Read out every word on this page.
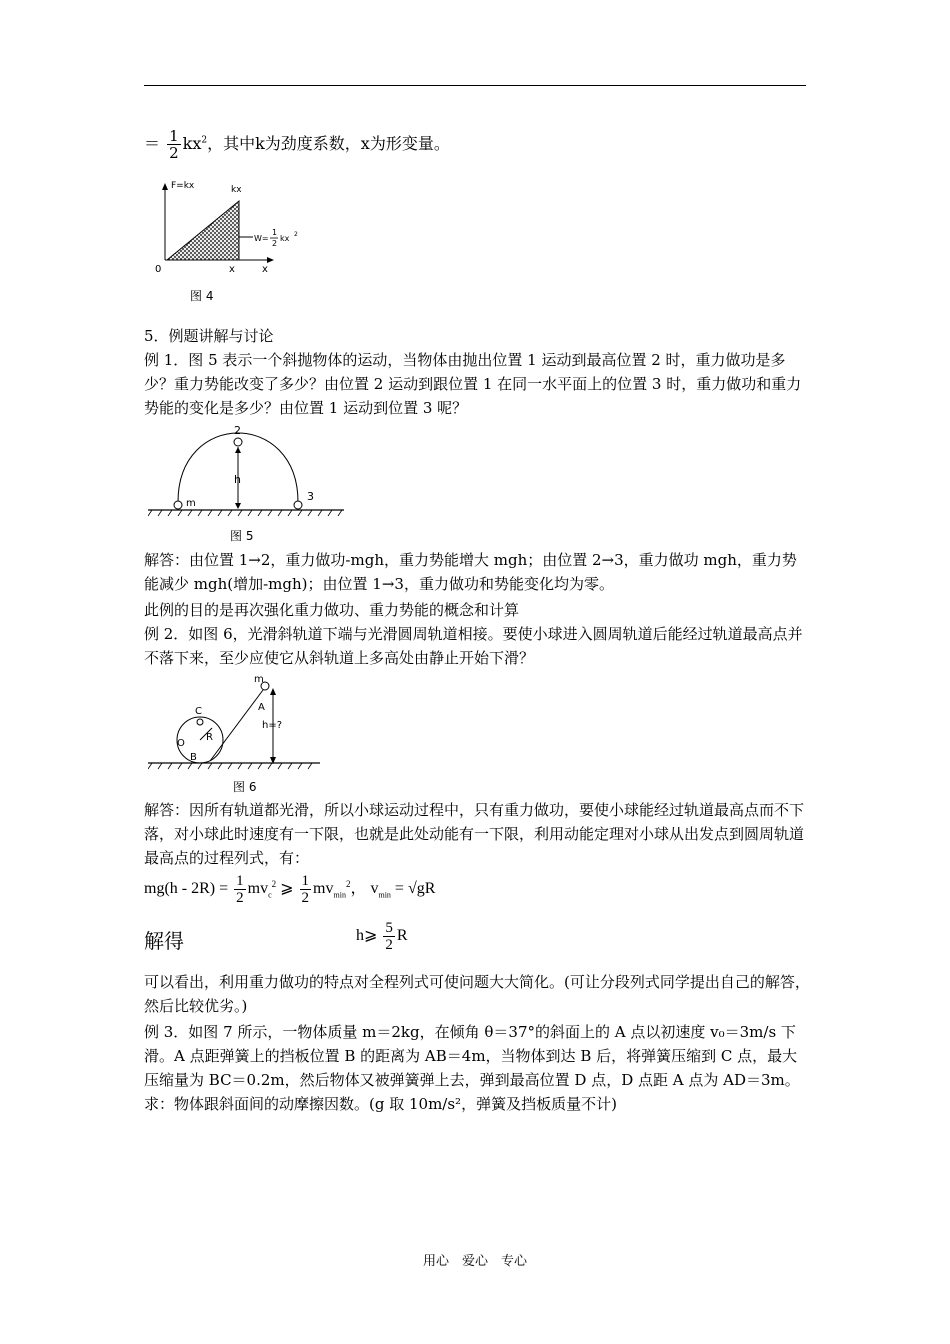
＝ $\frac{1}{2} kx^2$，其中k为劲度系数，x为形变量。
F=kx	kx
0	x	x
W=
1
2
kx 2
图 4

5．例题讲解与讨论

例 1．图 5 表示一个斜抛物体的运动，当物体由抛出位置 1 运动到最高位置 2 时，重力做功是多少？重力势能改变了多少？由位置 2 运动到跟位置 1 在同一水平面上的位置 3 时，重力做功和重力势能的变化是多少？由位置 1 运动到位置 3 呢？

2
h
m
3
图 5

解答：由位置 1→2，重力做功-mgh，重力势能增大 mgh；由位置 2→3，重力做功 mgh，重力势能减少 mgh(增加-mgh)；由位置 1→3，重力做功和势能变化均为零。

此例的目的是再次强化重力做功、重力势能的概念和计算

例 2．如图 6，光滑斜轨道下端与光滑圆周轨道相接。要使小球进入圆周轨道后能经过轨道最高点并不落下来，至少应使它从斜轨道上多高处由静止开始下滑？

m
A
h=?
C
O
R
B
图 6

解答：因所有轨道都光滑，所以小球运动过程中，只有重力做功，要使小球能经过轨道最高点而不下落，对小球此时速度有一下限，也就是此处动能有一下限，利用动能定理对小球从出发点到圆周轨道最高点的过程列式，有：

$mg(h - 2R) = \frac{1}{2} mv_c^2$ ⩾ $\frac{1}{2} mv_{min}^2$， $v_{min} = √gR$
解得	h⩾ $\frac{5}{2}$ R

可以看出，利用重力做功的特点对全程列式可使问题大大简化。(可让分段列式同学提出自己的解答，然后比较优劣。)

例 3．如图 7 所示，一物体质量 m＝2kg，在倾角 θ＝37°的斜面上的 A 点以初速度 v₀＝3m/s 下滑。A 点距弹簧上的挡板位置 B 的距离为 AB＝4m，当物体到达 B 后，将弹簧压缩到 C 点，最大压缩量为 BC＝0.2m，然后物体又被弹簧弹上去，弹到最高位置 D 点，D 点距 A 点为 AD＝3m。求：物体跟斜面间的动摩擦因数。(g 取 10m/s²，弹簧及挡板质量不计)

用心　爱心　专心
